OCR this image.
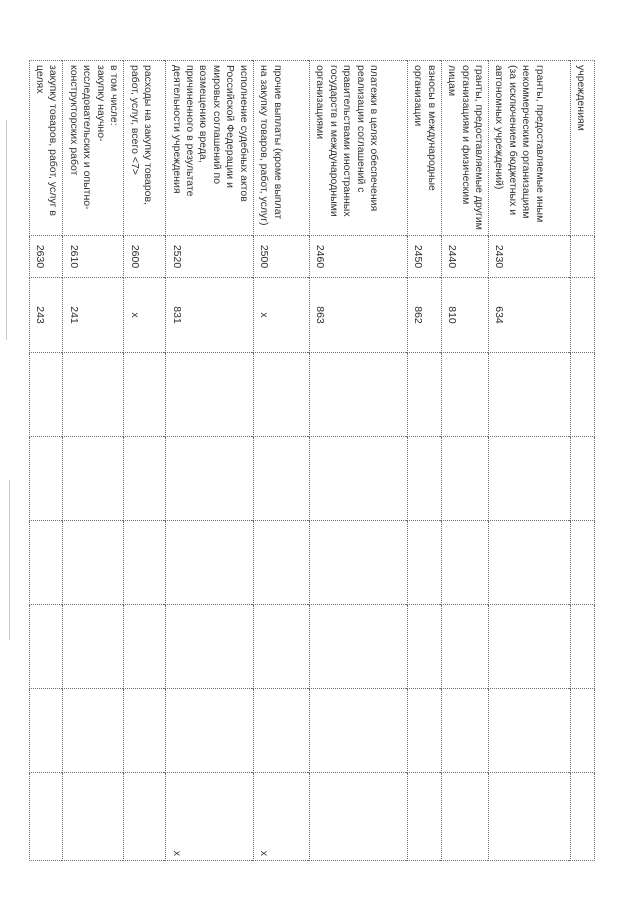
учреждениям								
гранты, предоставляемые иным некоммерческим организациям (за исключением бюджетных и автономных учреждений)	2430	634						
гранты, предоставляемые другим организациям и физическим лицам	2440	810						
взносы в международные организации	2450	862						
платежи в целях обеспечения реализации соглашений с правительствами иностранных государств и международными организациями	2460	863						
прочие выплаты (кроме выплат на закупку товаров, работ, услуг)	2500	х						х
исполнение судебных актов Российской Федерации и мировых соглашений по возмещению вреда, причиненного в результате деятельности учреждения	2520	831						х
расходы на закупку товаров, работ, услуг, всего <7>	2600	х						
в том числе:
закупку научно-исследовательских и опытно-конструкторских работ	2610	241						
закупку товаров, работ, услуг в целях	2630	243						
